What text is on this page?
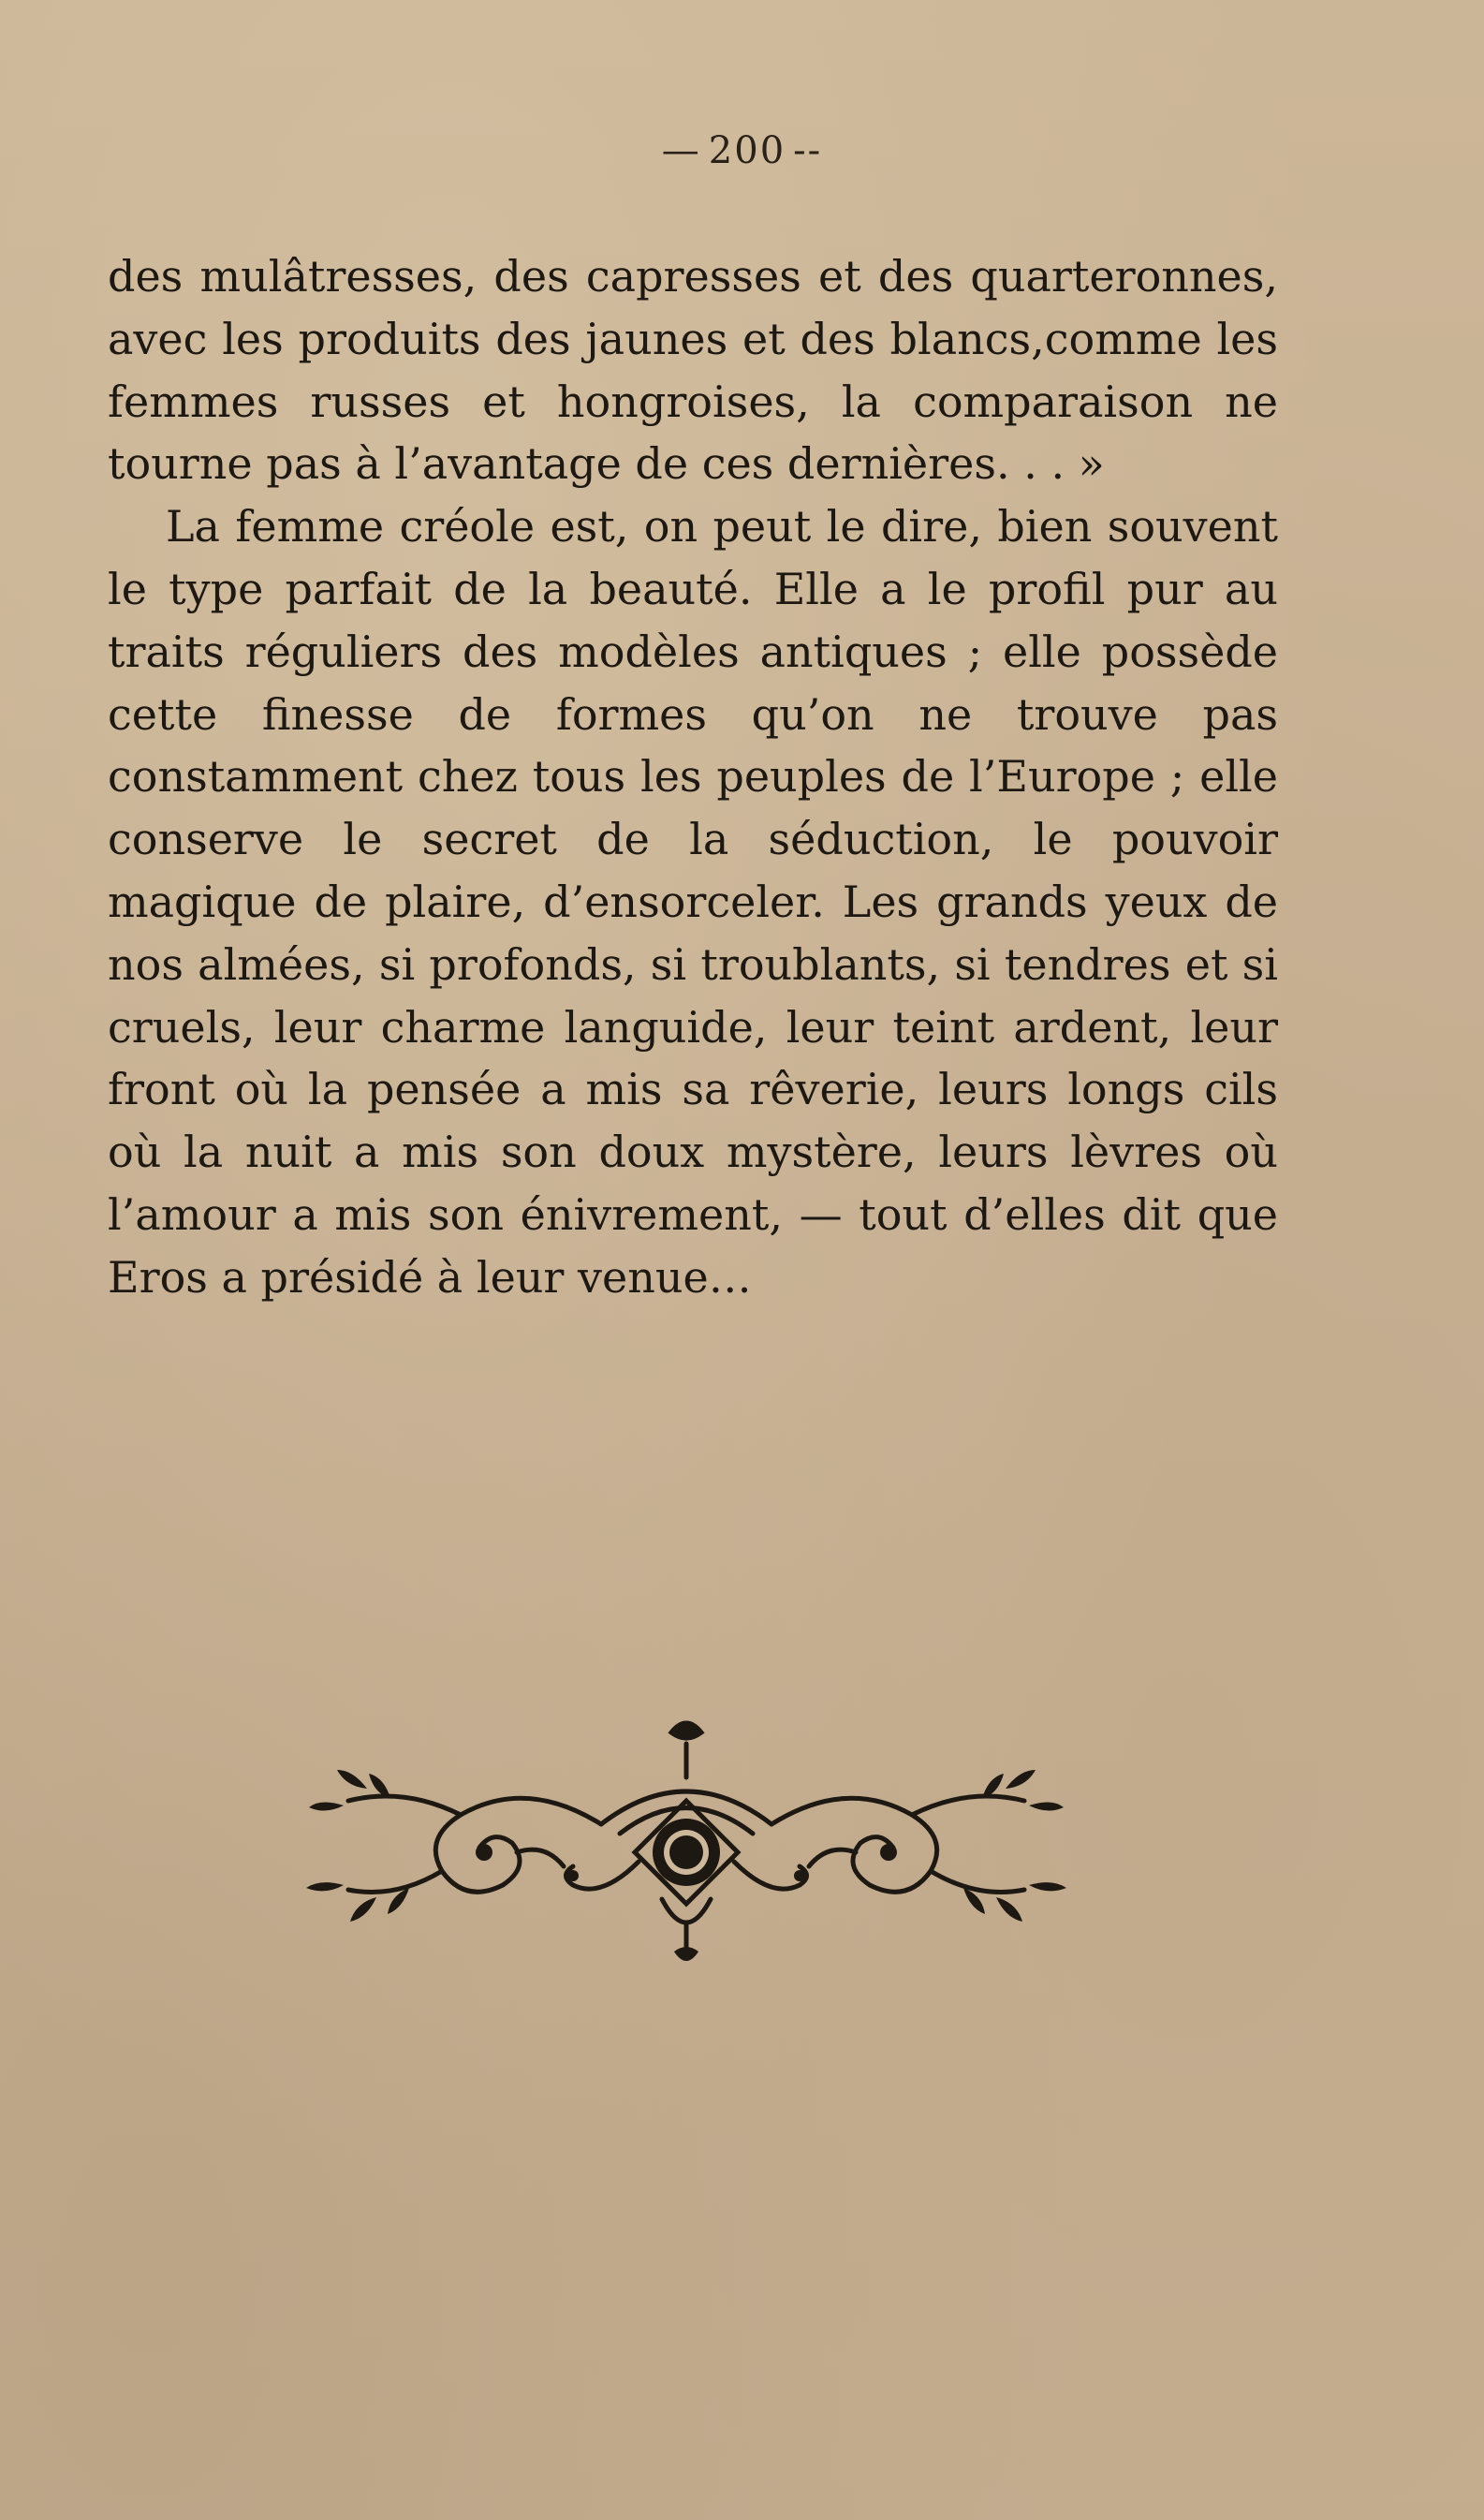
— 200 --

des mulâtresses, des capresses et des quarteronnes, avec les produits des jaunes et des blancs,comme les femmes russes et hongroises, la comparaison ne tourne pas à l’avantage de ces dernières. . . »

La femme créole est, on peut le dire, bien souvent le type parfait de la beauté. Elle a le profil pur au traits réguliers des modèles antiques ; elle possède cette finesse de formes qu’on ne trouve pas constamment chez tous les peuples de l’Europe ; elle conserve le secret de la séduction, le pouvoir magique de plaire, d’ensorceler. Les grands yeux de nos almées, si profonds, si troublants, si tendres et si cruels, leur charme languide, leur teint ardent, leur front où la pensée a mis sa rêverie, leurs longs cils où la nuit a mis son doux mystère, leurs lèvres où l’amour a mis son énivrement, — tout d’elles dit que Eros a présidé à leur venue…
